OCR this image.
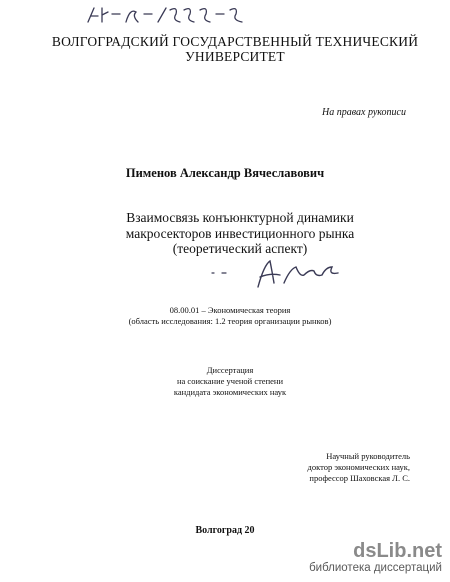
ВОЛГОГРАДСКИЙ ГОСУДАРСТВЕННЫЙ ТЕХНИЧЕСКИЙ
УНИВЕРСИТЕТ
На правах рукописи
Пименов Александр Вячеславович
Взаимосвязь конъюнктурной динамики
макросекторов инвестиционного рынка
(теоретический аспект)
08.00.01 – Экономическая теория
(область исследования: 1.2 теория организации рынков)
Диссертация
на соискание ученой степени
кандидата экономических наук
Научный руководитель
доктор экономических наук,
профессор Шаховская Л. С.
Волгоград 20
dsLib.net
библиотека диссертаций
